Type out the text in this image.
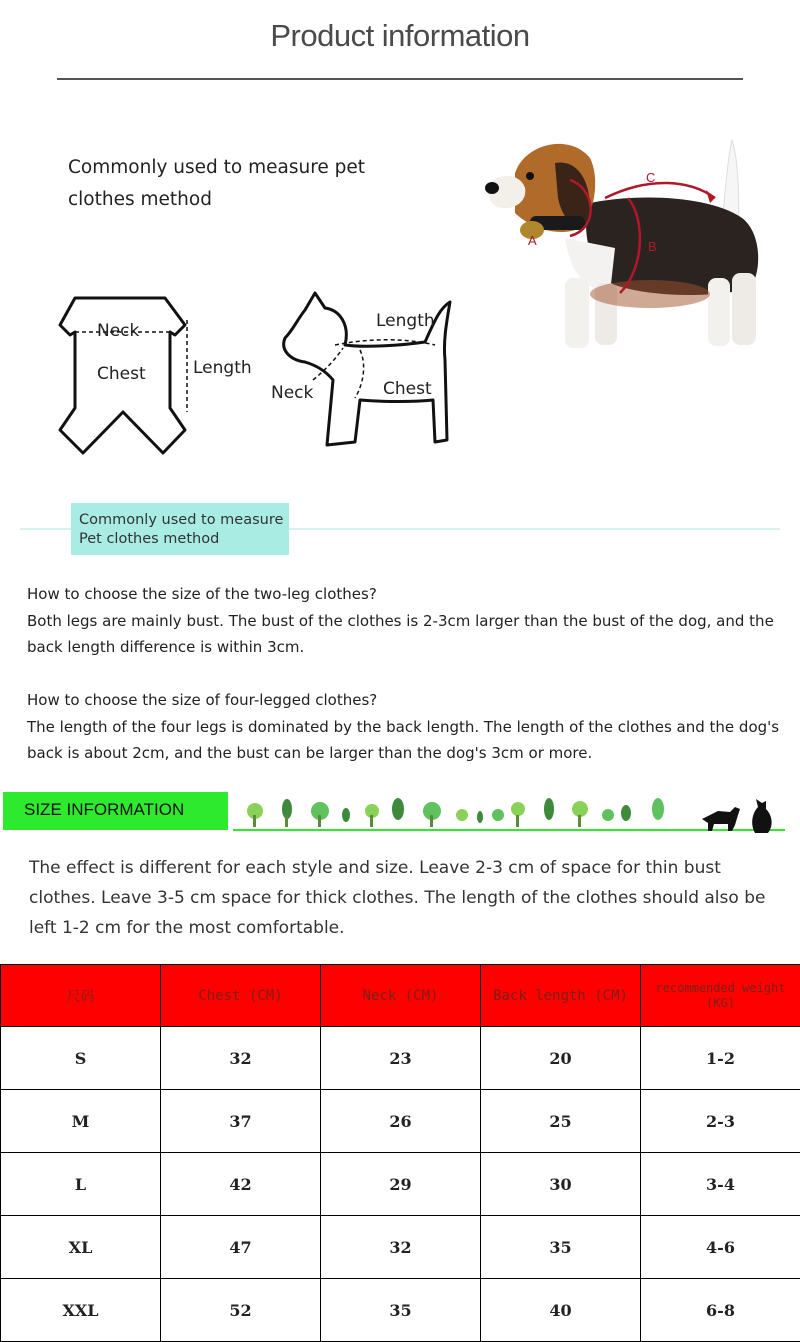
Product information
Commonly used to measure pet clothes method
A	B
C
Neck
Chest	Length
Length
Neck	Chest
Commonly used to measure
Pet clothes method
How to choose the size of the two-leg clothes?
Both legs are mainly bust. The bust of the clothes is 2-3cm larger than the bust of the dog, and the back length difference is within 3cm.
How to choose the size of four-legged clothes?
The length of the four legs is dominated by the back length. The length of the clothes and the dog's back is about 2cm, and the bust can be larger than the dog's 3cm or more.
SIZE INFORMATION
The effect is different for each style and size. Leave 2-3 cm of space for thin bust clothes. Leave 3-5 cm space for thick clothes. The length of the clothes should also be left 1-2 cm for the most comfortable.
尺码	Chest (CM)	Neck (CM)	Back length (CM)	recommended weight (KG)
S	32	23	20	1-2
M	37	26	25	2-3
L	42	29	30	3-4
XL	47	32	35	4-6
XXL	52	35	40	6-8
